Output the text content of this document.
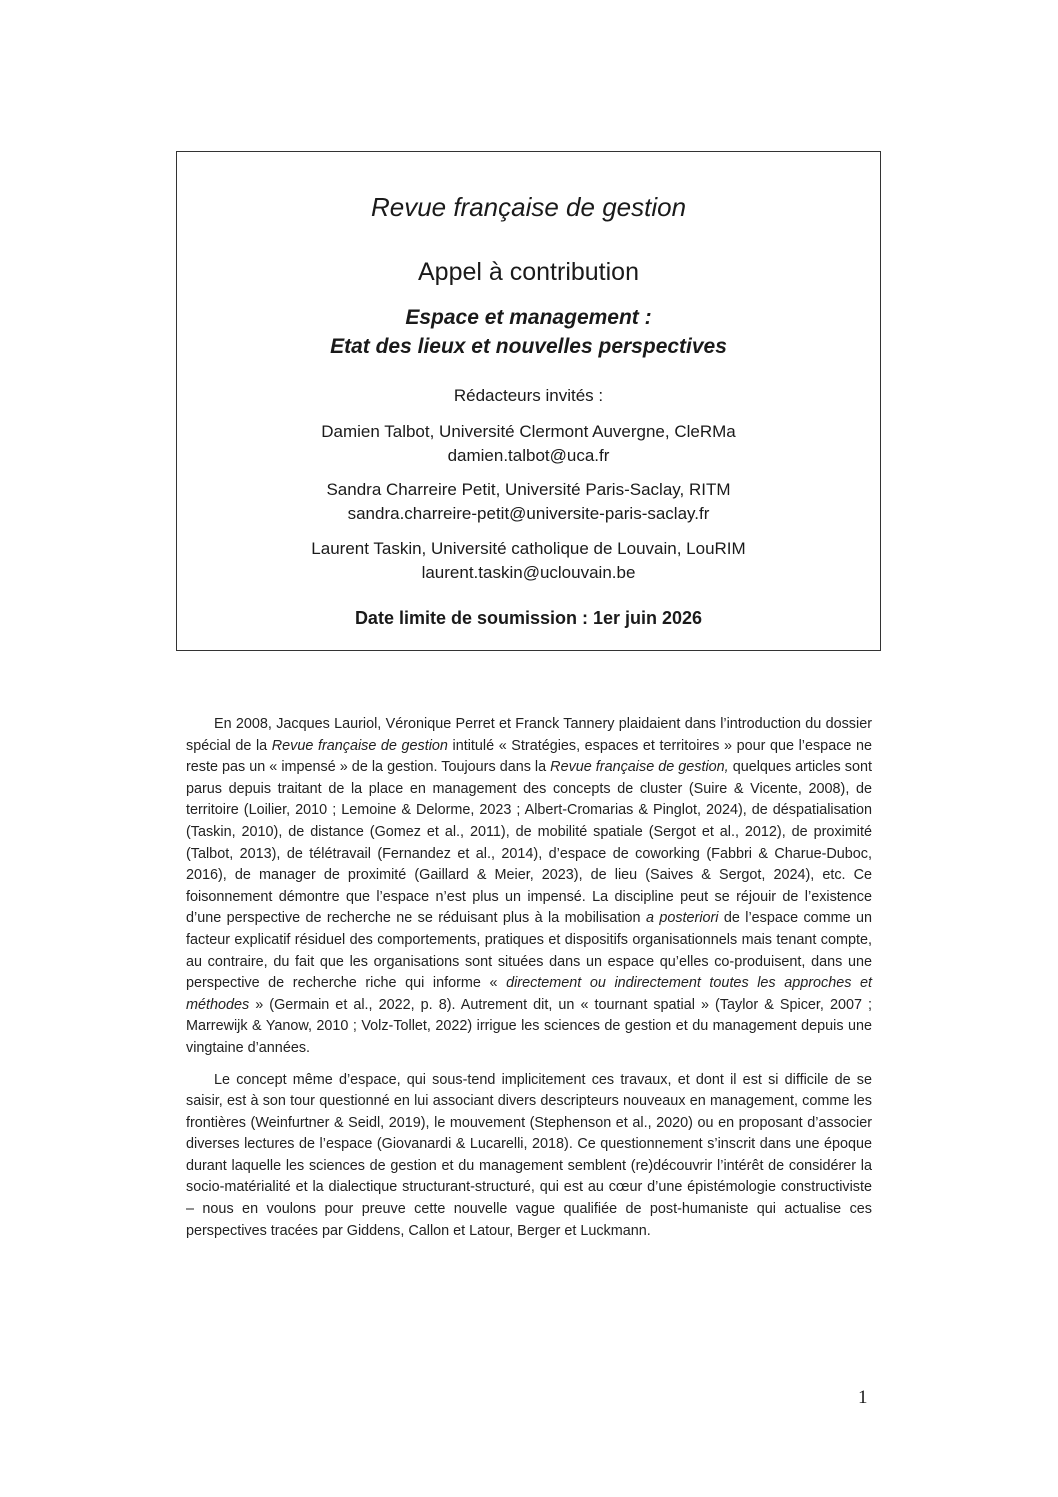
Revue française de gestion
Appel à contribution
Espace et management :
Etat des lieux et nouvelles perspectives
Rédacteurs invités :
Damien Talbot, Université Clermont Auvergne, CleRMa
damien.talbot@uca.fr
Sandra Charreire Petit, Université Paris-Saclay, RITM
sandra.charreire-petit@universite-paris-saclay.fr
Laurent Taskin, Université catholique de Louvain, LouRIM
laurent.taskin@uclouvain.be
Date limite de soumission : 1er juin 2026

En 2008, Jacques Lauriol, Véronique Perret et Franck Tannery plaidaient dans l’introduction du dossier spécial de la Revue française de gestion intitulé « Stratégies, espaces et territoires » pour que l’espace ne reste pas un « impensé » de la gestion. Toujours dans la Revue française de gestion, quelques articles sont parus depuis traitant de la place en management des concepts de cluster (Suire & Vicente, 2008), de territoire (Loilier, 2010 ; Lemoine & Delorme, 2023 ; Albert-Cromarias & Pinglot, 2024), de déspatialisation (Taskin, 2010), de distance (Gomez et al., 2011), de mobilité spatiale (Sergot et al., 2012), de proximité (Talbot, 2013), de télétravail (Fernandez et al., 2014), d’espace de coworking (Fabbri & Charue-Duboc, 2016), de manager de proximité (Gaillard & Meier, 2023), de lieu (Saives & Sergot, 2024), etc. Ce foisonnement démontre que l’espace n’est plus un impensé. La discipline peut se réjouir de l’existence d’une perspective de recherche ne se réduisant plus à la mobilisation a posteriori de l’espace comme un facteur explicatif résiduel des comportements, pratiques et dispositifs organisationnels mais tenant compte, au contraire, du fait que les organisations sont situées dans un espace qu’elles co-produisent, dans une perspective de recherche riche qui informe « directement ou indirectement toutes les approches et méthodes » (Germain et al., 2022, p. 8). Autrement dit, un « tournant spatial » (Taylor & Spicer, 2007 ; Marrewijk & Yanow, 2010 ; Volz-Tollet, 2022) irrigue les sciences de gestion et du management depuis une vingtaine d’années.

Le concept même d’espace, qui sous-tend implicitement ces travaux, et dont il est si difficile de se saisir, est à son tour questionné en lui associant divers descripteurs nouveaux en management, comme les frontières (Weinfurtner & Seidl, 2019), le mouvement (Stephenson et al., 2020) ou en proposant d’associer diverses lectures de l’espace (Giovanardi & Lucarelli, 2018). Ce questionnement s’inscrit dans une époque durant laquelle les sciences de gestion et du management semblent (re)découvrir l’intérêt de considérer la socio-matérialité et la dialectique structurant-structuré, qui est au cœur d’une épistémologie constructiviste – nous en voulons pour preuve cette nouvelle vague qualifiée de post-humaniste qui actualise ces perspectives tracées par Giddens, Callon et Latour, Berger et Luckmann.

1
